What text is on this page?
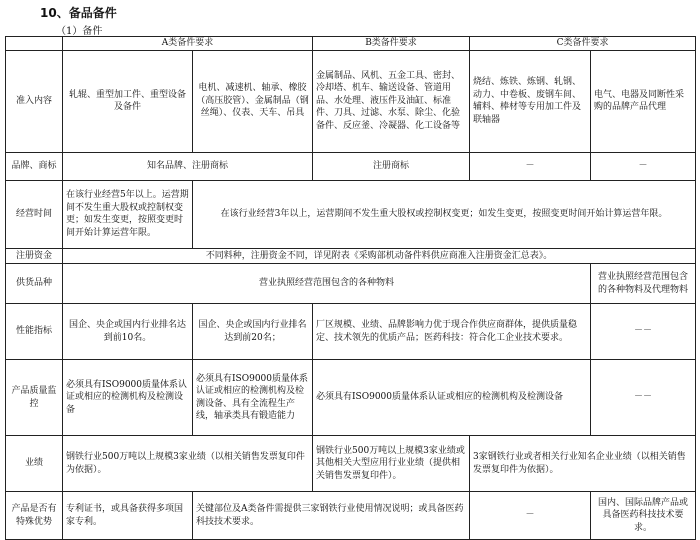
10、备品备件
（1）备件
	A类备件要求		B类备件要求	C类备件要求	
准入内容	轧辊、重型加工件、重型设备及备件	电机、减速机、轴承、橡胶（高压胶管）、金属制品（钢丝绳）、仪表、天车、吊具	金属制品、风机、五金工具、密封、冷却塔、机车、输送设备、管道用品、水处理、液压件及油缸、标准件、刀具、过滤、水泵、除尘、化验备件、反应釜、冷凝器、化工设备等	烧结、炼铁、炼钢、轧钢、动力、中卷板、废钢车间、辅料、棒材等专用加工件及联轴器	电气、电器及同断性采购的品牌产品代理
品牌、商标	知名品牌、注册商标		注册商标	－	－
经营时间	在该行业经营5年以上。运营期间不发生重大股权或控制权变更；如发生变更，按照变更时间开始计算运营年限。	在该行业经营3年以上，运营期间不发生重大股权或控制权变更；如发生变更，按照变更时间开始计算运营年限。			
注册资金	不同料种，注册资金不同，详见附表《采购部机动备件料供应商准入注册资金汇总表》。				
供货品种	营业执照经营范围包含的各种物料				营业执照经营范围包含的各种物料及代理物料
性能指标	国企、央企或国内行业排名达到前10名。	国企、央企或国内行业排名达到前20名；	厂区规模、业绩、品牌影响力优于现合作供应商群体，提供质量稳定、技术领先的优质产品；医药科技：符合化工企业技术要求。		－－
产品质量监控	必须具有ISO9000质量体系认证或相应的检测机构及检测设备	必须具有ISO9000质量体系认证或相应的检测机构及检测设备、具有全流程生产线，轴承类具有锻造能力	必须具有ISO9000质量体系认证或相应的检测机构及检测设备		－－
业绩	钢铁行业500万吨以上规模3家业绩（以相关销售发票复印件为依据）。		钢铁行业500万吨以上规模3家业绩或其他相关大型应用行业业绩（提供相关销售发票复印件）。	3家钢铁行业或者相关行业知名企业业绩（以相关销售发票复印件为依据）。	
产品是否有特殊优势	专利证书，或具备获得多项国家专利。	关键部位及A类备件需提供三家钢铁行业使用情况说明；或具备医药科技技术要求。		－	国内、国际品牌产品或具备医药科技技术要求。
